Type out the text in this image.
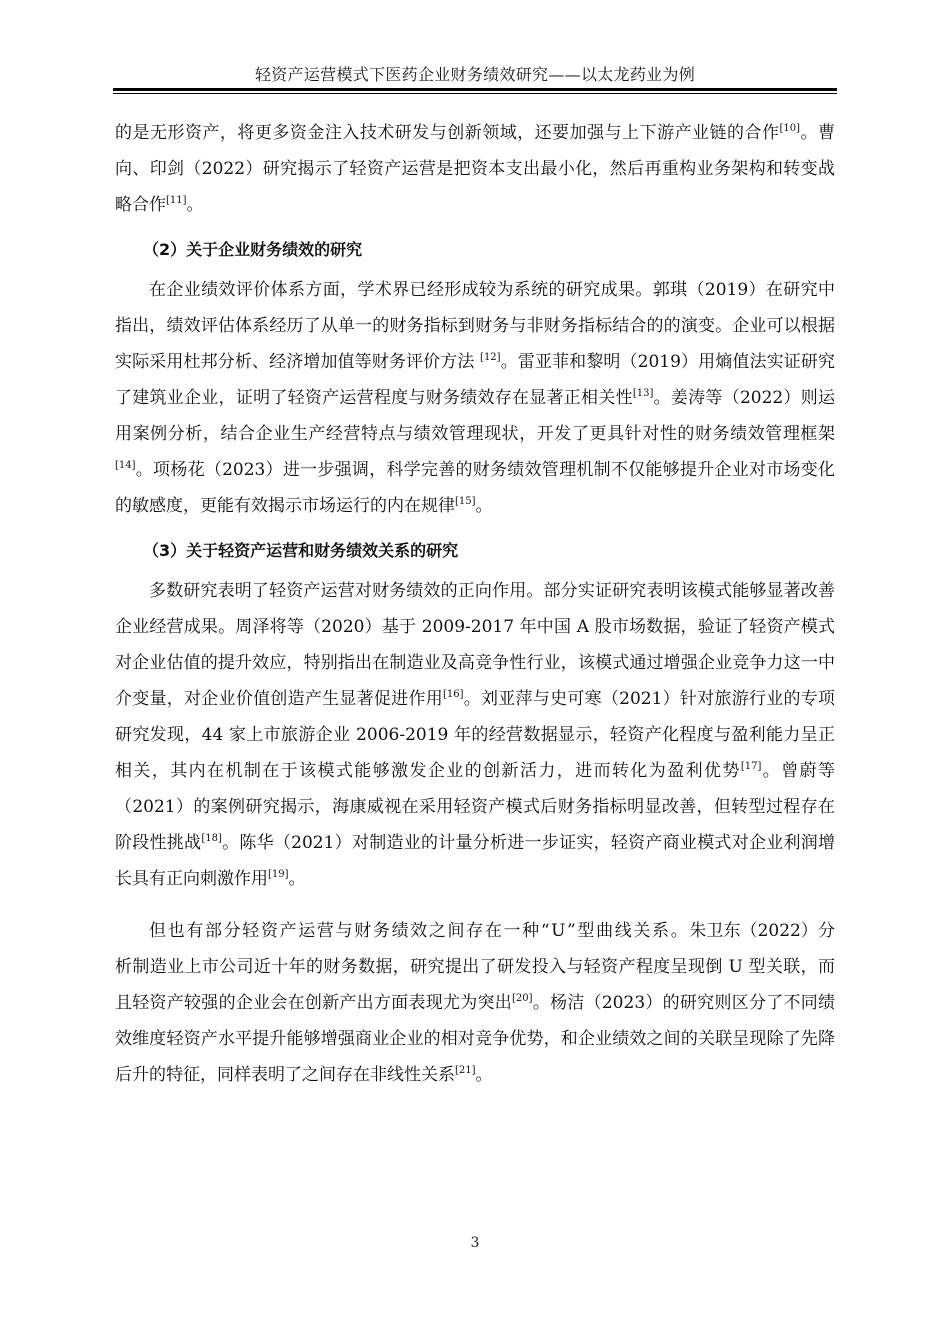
轻资产运营模式下医药企业财务绩效研究——以太龙药业为例

的是无形资产，将更多资金注入技术研发与创新领域，还要加强与上下游产业链的合作[10]。曹向、印剑（2022）研究揭示了轻资产运营是把资本支出最小化，然后再重构业务架构和转变战略合作[11]。

（2）关于企业财务绩效的研究

在企业绩效评价体系方面，学术界已经形成较为系统的研究成果。郭琪（2019）在研究中指出，绩效评估体系经历了从单一的财务指标到财务与非财务指标结合的的演变。企业可以根据实际采用杜邦分析、经济增加值等财务评价方法 [12]。雷亚菲和黎明（2019）用熵值法实证研究了建筑业企业，证明了轻资产运营程度与财务绩效存在显著正相关性[13]。姜涛等（2022）则运用案例分析，结合企业生产经营特点与绩效管理现状，开发了更具针对性的财务绩效管理框架[14]。项杨花（2023）进一步强调，科学完善的财务绩效管理机制不仅能够提升企业对市场变化的敏感度，更能有效揭示市场运行的内在规律[15]。

（3）关于轻资产运营和财务绩效关系的研究

多数研究表明了轻资产运营对财务绩效的正向作用。部分实证研究表明该模式能够显著改善企业经营成果。周泽将等（2020）基于 2009-2017 年中国 A 股市场数据，验证了轻资产模式对企业估值的提升效应，特别指出在制造业及高竞争性行业，该模式通过增强企业竞争力这一中介变量，对企业价值创造产生显著促进作用[16]。刘亚萍与史可寒（2021）针对旅游行业的专项研究发现，44 家上市旅游企业 2006-2019 年的经营数据显示，轻资产化程度与盈利能力呈正相关，其内在机制在于该模式能够激发企业的创新活力，进而转化为盈利优势[17]。曾蔚等（2021）的案例研究揭示，海康威视在采用轻资产模式后财务指标明显改善，但转型过程存在阶段性挑战[18]。陈华（2021）对制造业的计量分析进一步证实，轻资产商业模式对企业利润增长具有正向刺激作用[19]。

但也有部分轻资产运营与财务绩效之间存在一种“U”型曲线关系。朱卫东（2022）分析制造业上市公司近十年的财务数据，研究提出了研发投入与轻资产程度呈现倒 U 型关联，而且轻资产较强的企业会在创新产出方面表现尤为突出[20]。杨洁（2023）的研究则区分了不同绩效维度轻资产水平提升能够增强商业企业的相对竞争优势，和企业绩效之间的关联呈现除了先降后升的特征，同样表明了之间存在非线性关系[21]。

3
